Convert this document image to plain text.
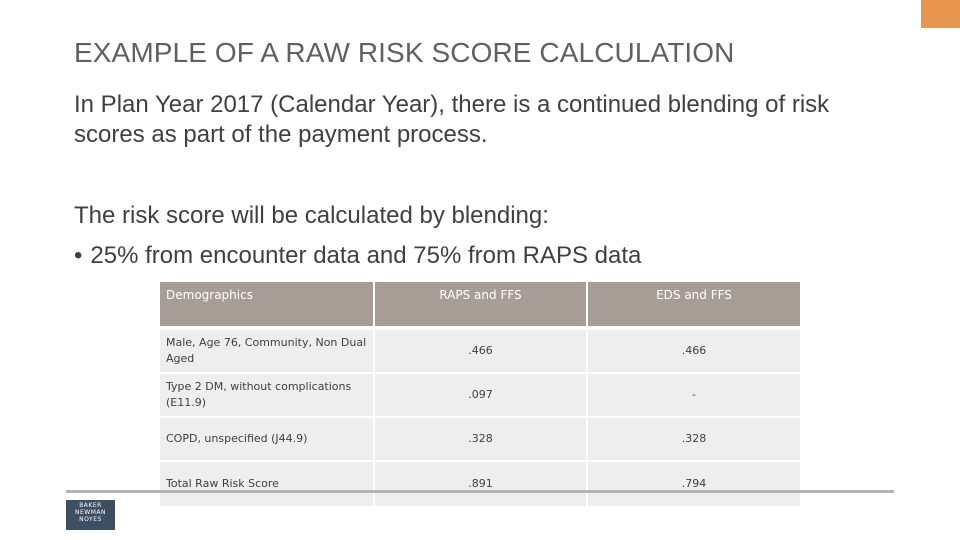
EXAMPLE OF A RAW RISK SCORE CALCULATION

In Plan Year 2017 (Calendar Year), there is a continued blending of risk scores as part of the payment process.

The risk score will be calculated by blending:

• 25% from encounter data and 75% from RAPS data

Demographics	RAPS and FFS	EDS and FFS
Male, Age 76, Community, Non Dual Aged	.466	.466
Type 2 DM, without complications (E11.9)	.097	-
COPD, unspecified (J44.9)	.328	.328
Total Raw Risk Score	.891	.794
BAKER
NEWMAN
NOYES
